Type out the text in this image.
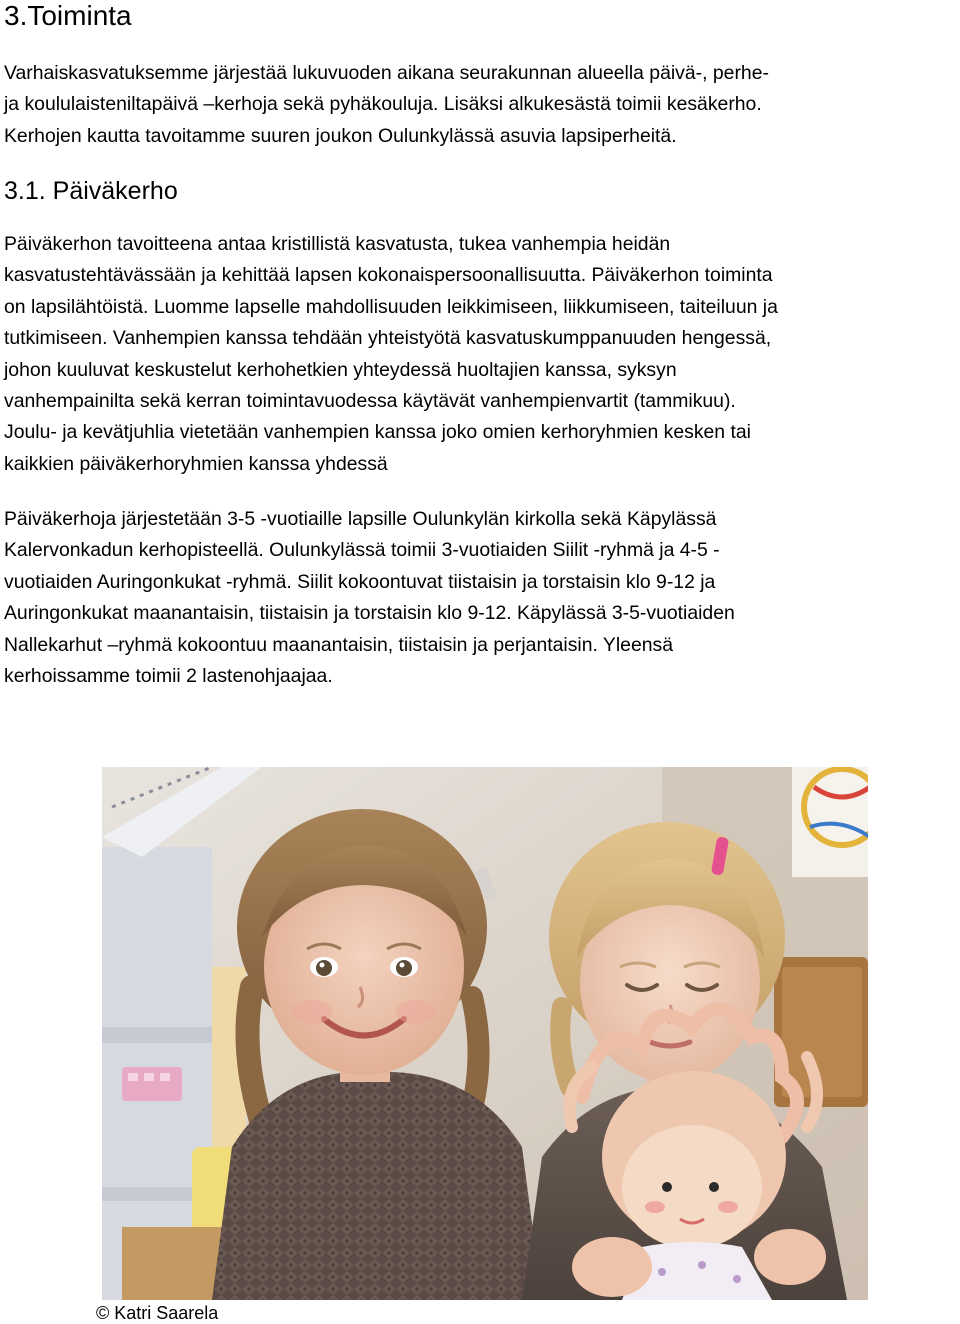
3.Toiminta

Varhaiskasvatuksemme järjestää lukuvuoden aikana seurakunnan alueella päivä-, perhe-
ja koululaisteniltapäivä –kerhoja sekä pyhäkouluja. Lisäksi alkukesästä toimii kesäkerho.
Kerhojen kautta tavoitamme suuren joukon Oulunkylässä asuvia lapsiperheitä.

3.1. Päiväkerho

Päiväkerhon tavoitteena antaa kristillistä kasvatusta, tukea vanhempia heidän
kasvatustehtävässään ja kehittää lapsen kokonaispersoonallisuutta. Päiväkerhon toiminta
on lapsilähtöistä. Luomme lapselle mahdollisuuden leikkimiseen, liikkumiseen, taiteiluun ja
tutkimiseen. Vanhempien kanssa tehdään yhteistyötä kasvatuskumppanuuden hengessä,
johon kuuluvat keskustelut kerhohetkien yhteydessä huoltajien kanssa, syksyn
vanhempainilta sekä kerran toimintavuodessa käytävät vanhempienvartit (tammikuu).
Joulu- ja kevätjuhlia vietetään vanhempien kanssa joko omien kerhoryhmien kesken tai
kaikkien päiväkerhoryhmien kanssa yhdessä

Päiväkerhoja järjestetään 3-5 -vuotiaille lapsille Oulunkylän kirkolla sekä Käpylässä
Kalervonkadun kerhopisteellä. Oulunkylässä toimii 3-vuotiaiden Siilit -ryhmä ja 4-5 -
vuotiaiden Auringonkukat -ryhmä. Siilit kokoontuvat tiistaisin ja torstaisin klo 9-12 ja
Auringonkukat maanantaisin, tiistaisin ja torstaisin klo 9-12. Käpylässä 3-5-vuotiaiden
Nallekarhut –ryhmä kokoontuu maanantaisin, tiistaisin ja perjantaisin. Yleensä
kerhoissamme toimii 2 lastenohjaajaa.

© Katri Saarela
